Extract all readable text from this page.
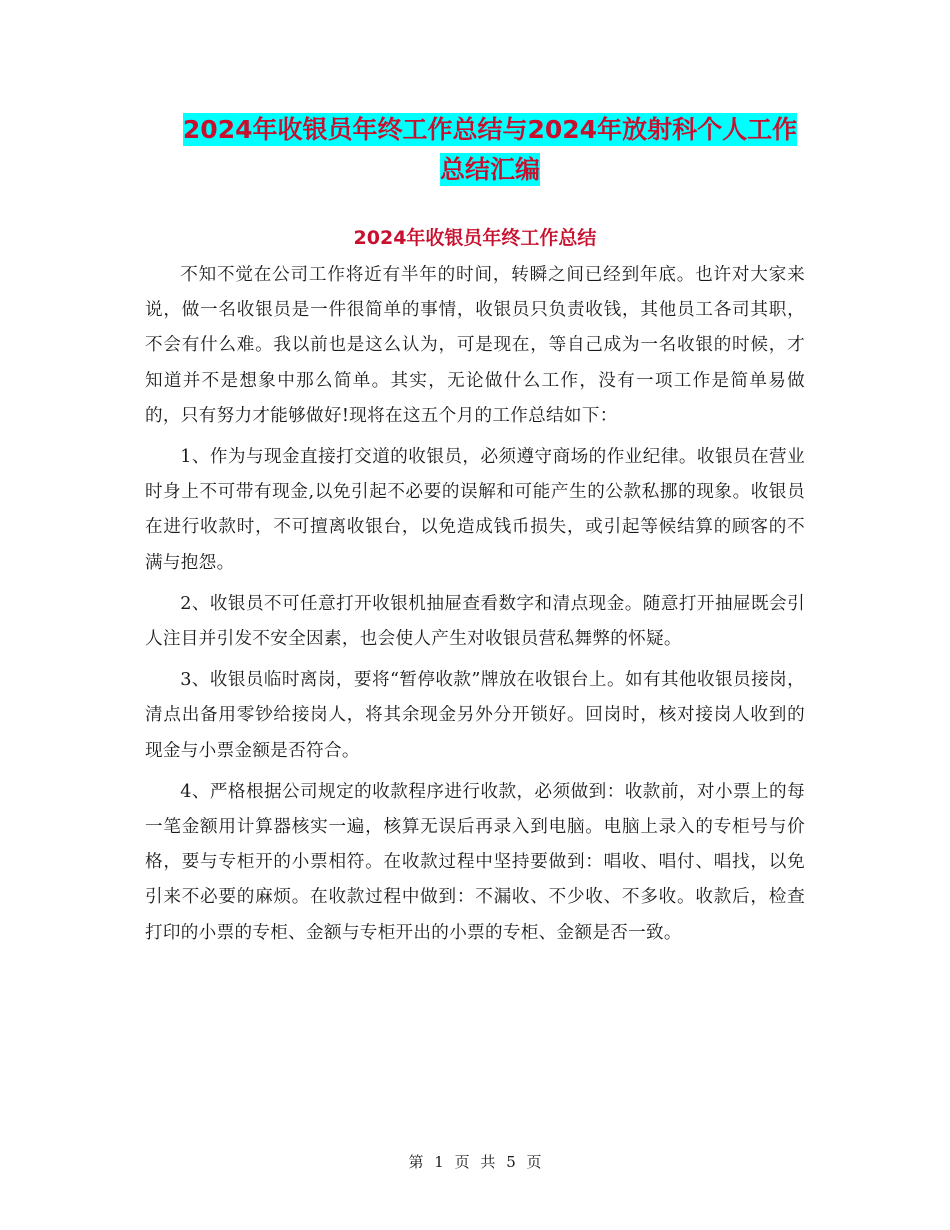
2024年收银员年终工作总结与2024年放射科个人工作
总结汇编
2024年收银员年终工作总结

不知不觉在公司工作将近有半年的时间，转瞬之间已经到年底。也许对大家来说，做一名收银员是一件很简单的事情，收银员只负责收钱，其他员工各司其职，不会有什么难。我以前也是这么认为，可是现在，等自己成为一名收银的时候，才知道并不是想象中那么简单。其实，无论做什么工作，没有一项工作是简单易做的，只有努力才能够做好!现将在这五个月的工作总结如下：

1、作为与现金直接打交道的收银员，必须遵守商场的作业纪律。收银员在营业时身上不可带有现金,以免引起不必要的误解和可能产生的公款私挪的现象。收银员在进行收款时，不可擅离收银台，以免造成钱币损失，或引起等候结算的顾客的不满与抱怨。

2、收银员不可任意打开收银机抽屉查看数字和清点现金。随意打开抽屉既会引人注目并引发不安全因素，也会使人产生对收银员营私舞弊的怀疑。

3、收银员临时离岗，要将“暂停收款”牌放在收银台上。如有其他收银员接岗，清点出备用零钞给接岗人，将其余现金另外分开锁好。回岗时，核对接岗人收到的现金与小票金额是否符合。

4、严格根据公司规定的收款程序进行收款，必须做到：收款前，对小票上的每一笔金额用计算器核实一遍，核算无误后再录入到电脑。电脑上录入的专柜号与价格，要与专柜开的小票相符。在收款过程中坚持要做到：唱收、唱付、唱找，以免引来不必要的麻烦。在收款过程中做到：不漏收、不少收、不多收。收款后，检查打印的小票的专柜、金额与专柜开出的小票的专柜、金额是否一致。

第 1 页 共 5 页
